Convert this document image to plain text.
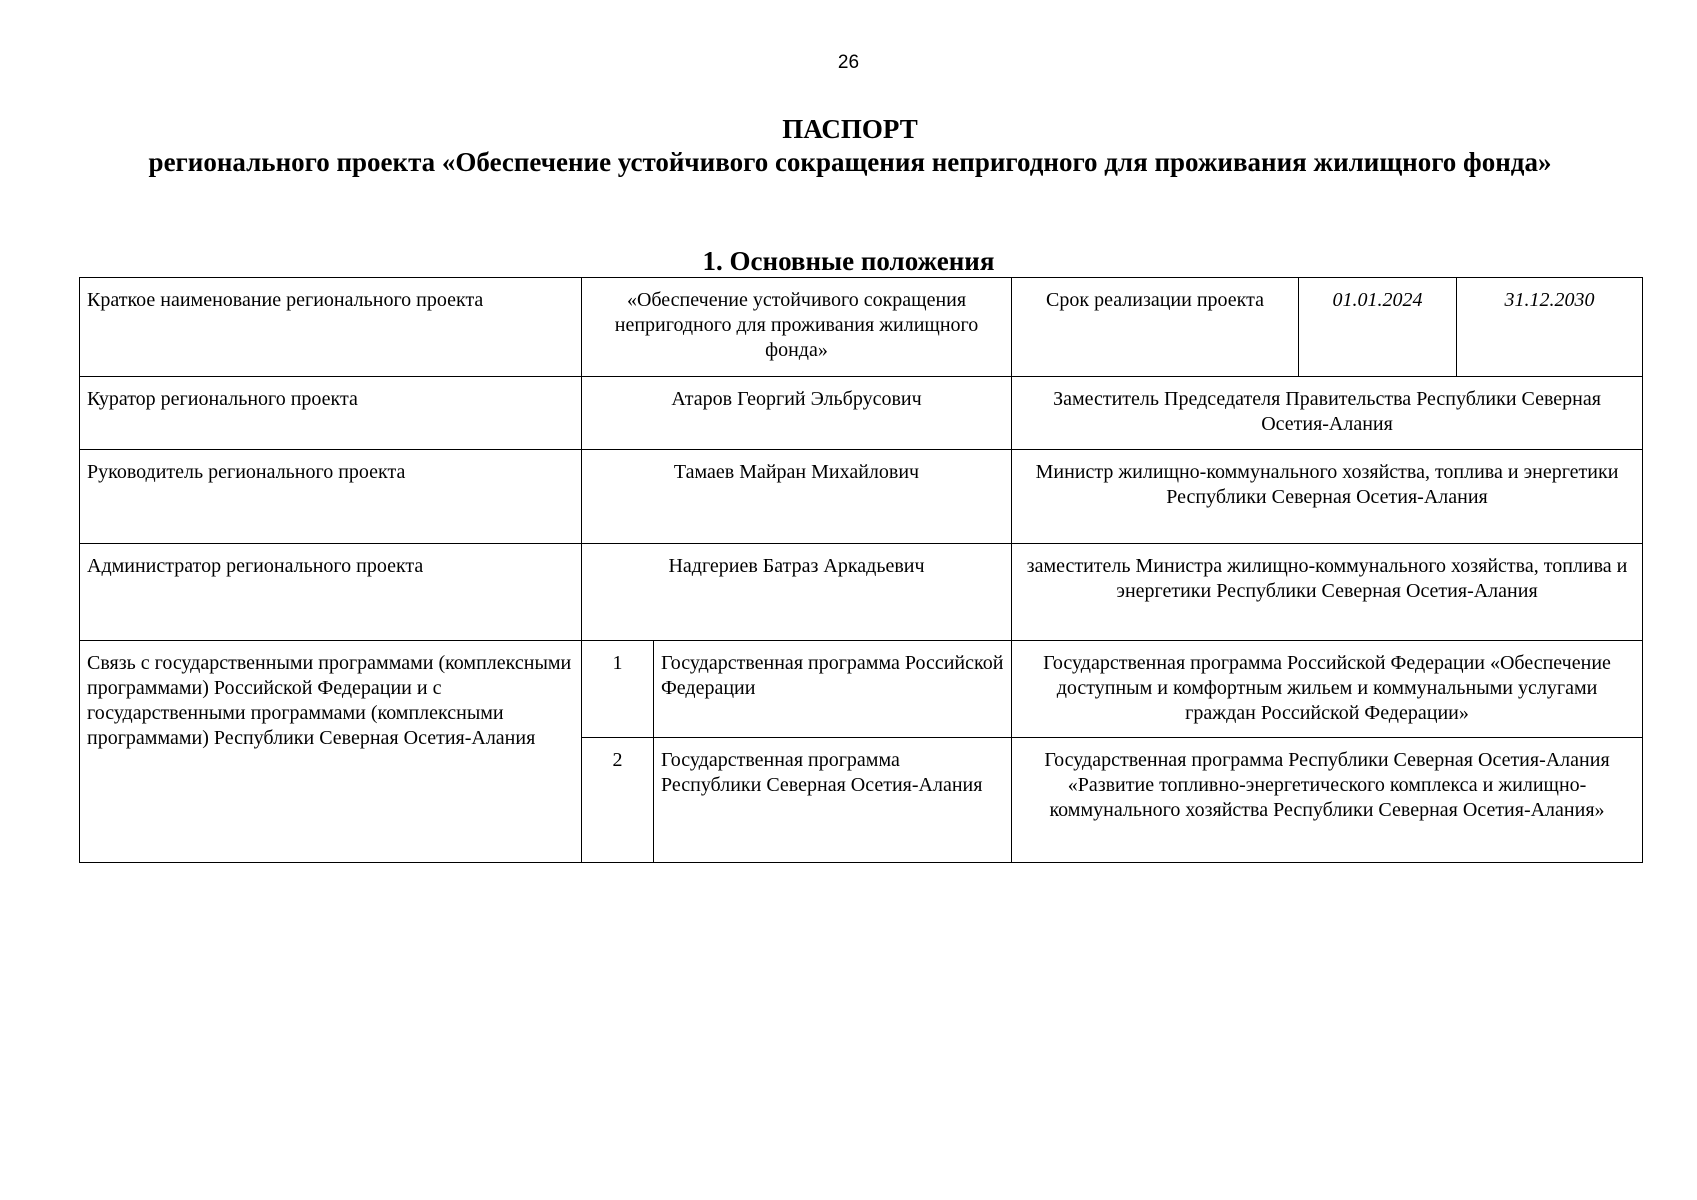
26
ПАСПОРТ
регионального проекта «Обеспечение устойчивого сокращения непригодного для проживания жилищного фонда»
1. Основные положения
Краткое наименование регионального проекта	«Обеспечение устойчивого сокращения непригодного для проживания жилищного фонда»		Срок реализации проекта	01.01.2024	31.12.2030
Куратор регионального проекта	Атаров Георгий Эльбрусович		Заместитель Председателя Правительства Республики Северная Осетия-Алания		
Руководитель регионального проекта	Тамаев Майран Михайлович		Министр жилищно-коммунального хозяйства, топлива и энергетики Республики Северная Осетия-Алания		
Администратор регионального проекта	Надгериев Батраз Аркадьевич		заместитель Министра жилищно-коммунального хозяйства, топлива и энергетики Республики Северная Осетия-Алания		
Связь с государственными программами (комплексными программами) Российской Федерации и с государственными программами (комплексными программами) Республики Северная Осетия-Алания	1	Государственная программа Российской Федерации	Государственная программа Российской Федерации «Обеспечение доступным и комфортным жильем и коммунальными услугами граждан Российской Федерации»		
	2	Государственная программа Республики Северная Осетия-Алания	Государственная программа Республики Северная Осетия-Алания «Развитие топливно-энергетического комплекса и жилищно-коммунального хозяйства Республики Северная Осетия-Алания»		
